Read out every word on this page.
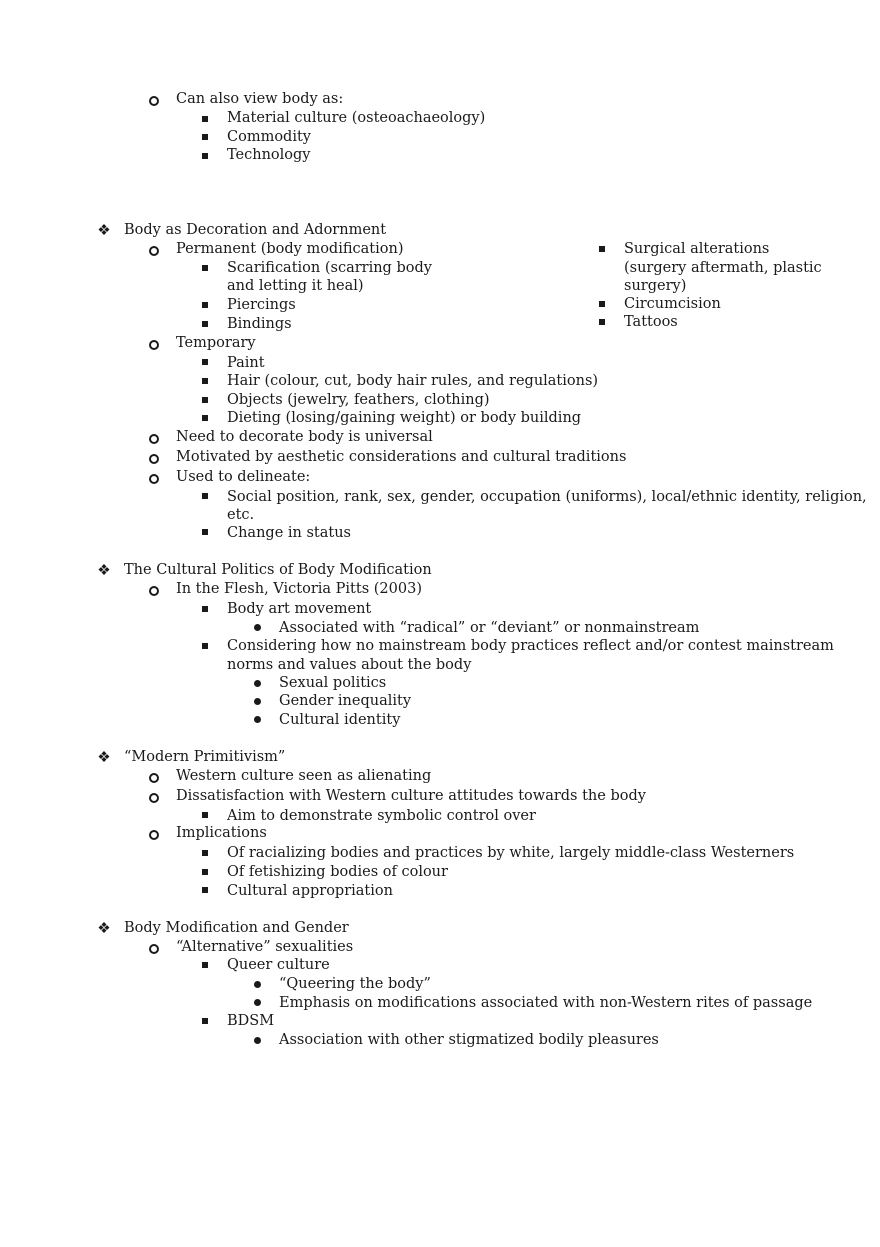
Can also view body as:
Material culture (osteoachaeology)
Commodity
Technology
❖ Body as Decoration and Adornment
Permanent (body modification)
Scarification (scarring body
and letting it heal)
Piercings
Bindings
Surgical alterations
(surgery aftermath, plastic
surgery)
Circumcision
Tattoos
Temporary
Paint
Hair (colour, cut, body hair rules, and regulations)
Objects (jewelry, feathers, clothing)
Dieting (losing/gaining weight) or body building
Need to decorate body is universal
Motivated by aesthetic considerations and cultural traditions
Used to delineate:
Social position, rank, sex, gender, occupation (uniforms), local/ethnic identity, religion,
etc.
Change in status
❖ The Cultural Politics of Body Modification
In the Flesh, Victoria Pitts (2003)
Body art movement
Associated with “radical” or “deviant” or nonmainstream
Considering how no mainstream body practices reflect and/or contest mainstream
norms and values about the body
Sexual politics
Gender inequality
Cultural identity
❖ “Modern Primitivism”
Western culture seen as alienating
Dissatisfaction with Western culture attitudes towards the body
Aim to demonstrate symbolic control over
Implications
Of racializing bodies and practices by white, largely middle-class Westerners
Of fetishizing bodies of colour
Cultural appropriation
❖ Body Modification and Gender
“Alternative” sexualities
Queer culture
“Queering the body”
Emphasis on modifications associated with non-Western rites of passage
BDSM
Association with other stigmatized bodily pleasures
